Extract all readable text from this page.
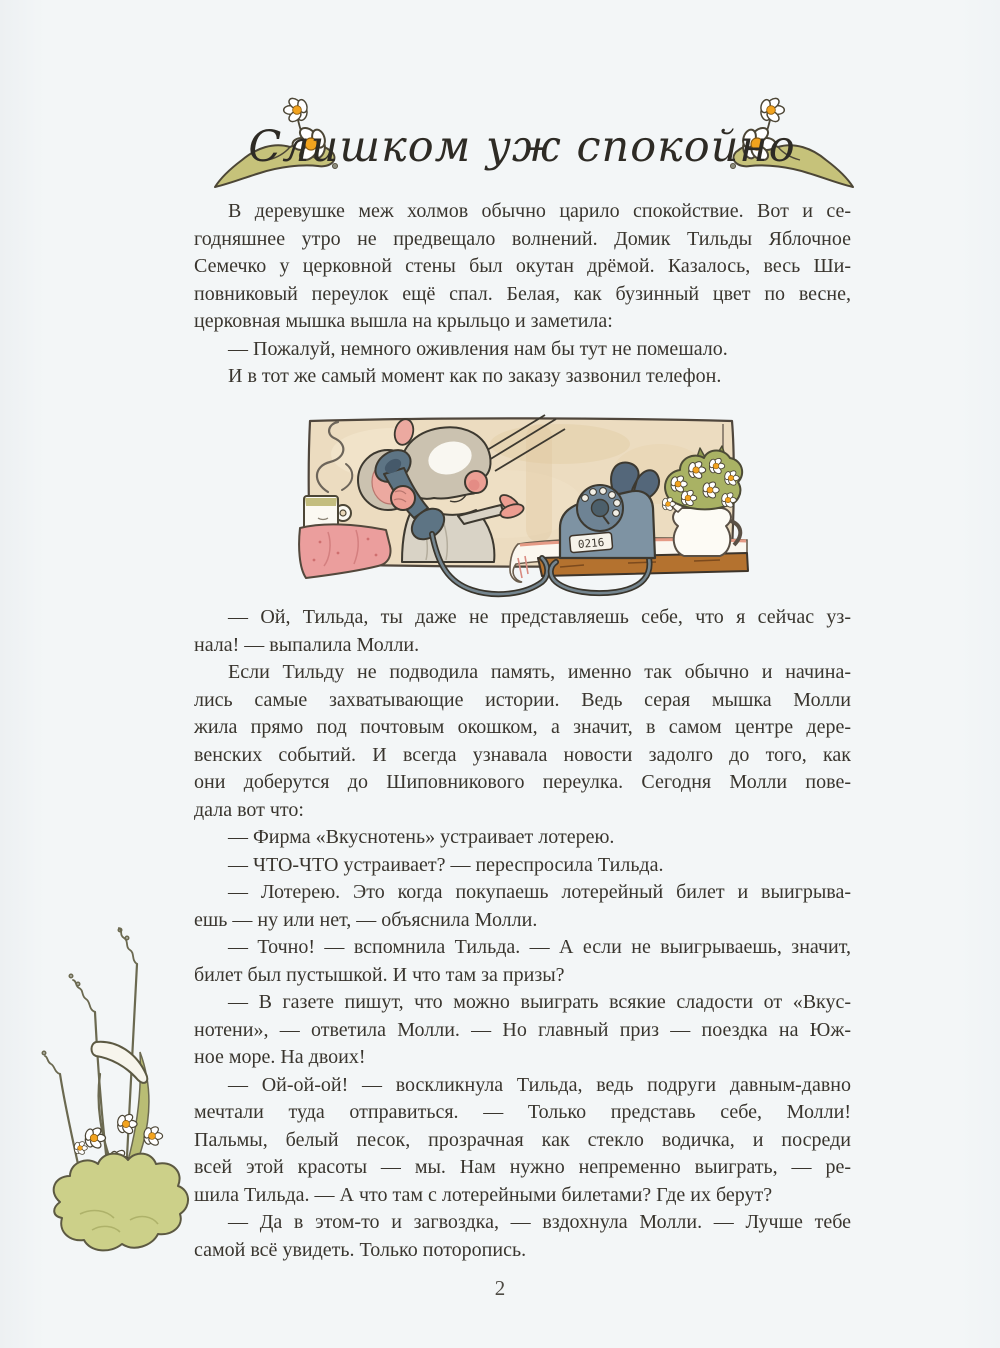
Слишком уж спокойно
В деревушке меж холмов обычно царило спокойствие. Вот и се-
годняшнее утро не предвещало волнений. Домик Тильды Яблочное
Семечко у церковной стены был окутан дрёмой. Казалось, весь Ши-
повниковый переулок ещё спал. Белая, как бузинный цвет по весне,
церковная мышка вышла на крыльцо и заметила:
— Пожалуй, немного оживления нам бы тут не помешало.
И в тот же самый момент как по заказу зазвонил телефон.
0216
— Ой, Тильда, ты даже не представляешь себе, что я сейчас уз-
нала! — выпалила Молли.
Если Тильду не подводила память, именно так обычно и начина-
лись самые захватывающие истории. Ведь серая мышка Молли
жила прямо под почтовым окошком, а значит, в самом центре дере-
венских событий. И всегда узнавала новости задолго до того, как
они доберутся до Шиповникового переулка. Сегодня Молли пове-
дала вот что:
— Фирма «Вкуснотень» устраивает лотерею.
— ЧТО-ЧТО устраивает? — переспросила Тильда.
— Лотерею. Это когда покупаешь лотерейный билет и выигрыва-
ешь — ну или нет, — объяснила Молли.
— Точно! — вспомнила Тильда. — А если не выигрываешь, значит,
билет был пустышкой. И что там за призы?
— В газете пишут, что можно выиграть всякие сладости от «Вкус-
нотени», — ответила Молли. — Но главный приз — поездка на Юж-
ное море. На двоих!
— Ой-ой-ой! — воскликнула Тильда, ведь подруги давным-давно
мечтали туда отправиться. — Только представь себе, Молли!
Пальмы, белый песок, прозрачная как стекло водичка, и посреди
всей этой красоты — мы. Нам нужно непременно выиграть, — ре-
шила Тильда. — А что там с лотерейными билетами? Где их берут?
— Да в этом-то и загвоздка, — вздохнула Молли. — Лучше тебе
самой всё увидеть. Только поторопись.
2
